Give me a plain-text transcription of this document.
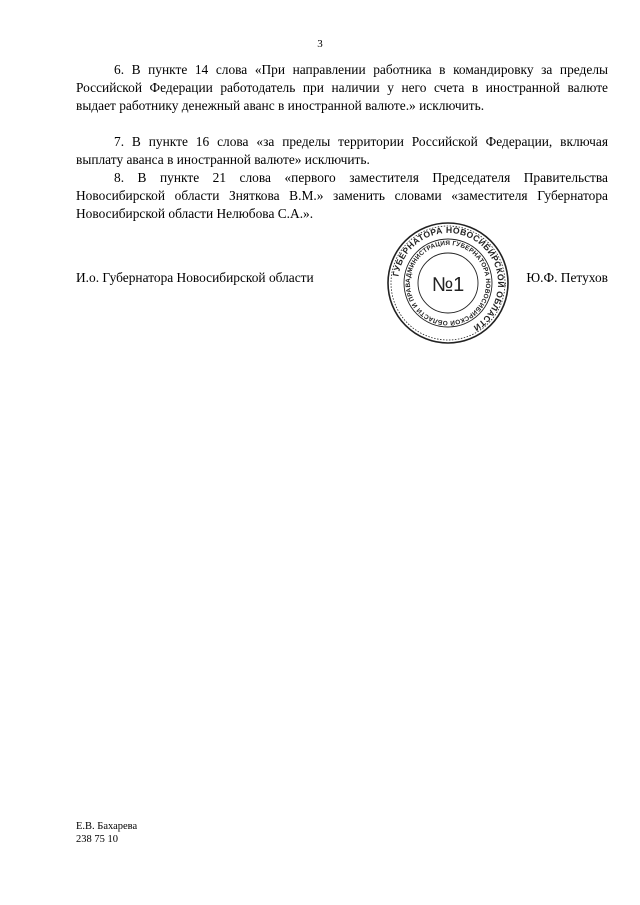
3

6. В пункте 14 слова «При направлении работника в командировку за пределы Российской Федерации работодатель при наличии у него счета в иностранной валюте выдает работнику денежный аванс в иностранной валюте.» исключить.

7. В пункте 16 слова «за пределы территории Российской Федерации, включая выплату аванса в иностранной валюте» исключить.

8. В пункте 21 слова «первого заместителя Председателя Правительства Новосибирской области Зняткова В.М.» заменить словами «заместителя Губернатора Новосибирской области Нелюбова С.А.».

И.о. Губернатора Новосибирской области	ГУБЕРНАТОРА НОВОСИБИРСКОЙ ОБЛАСТИ
АДМИНИСТРАЦИЯ ГУБЕРНАТОРА НОВОСИБИРСКОЙ ОБЛАСТИ И ПРАВ №1	Ю.Ф. Петухов
Е.В. Бахарева
238 75 10
